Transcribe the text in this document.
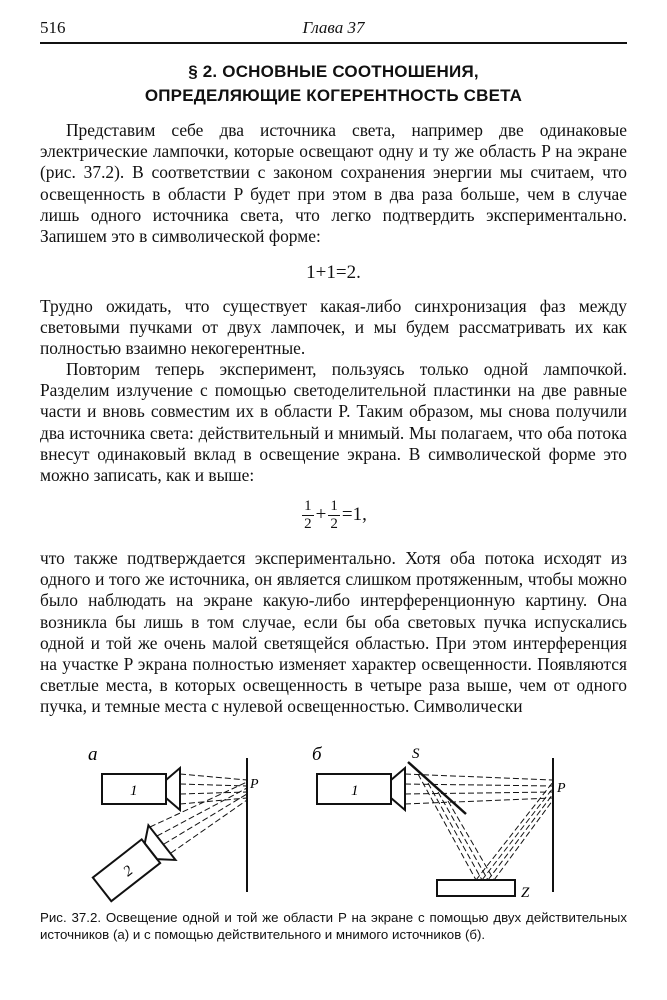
516	Глава 37
§ 2. ОСНОВНЫЕ СООТНОШЕНИЯ,
ОПРЕДЕЛЯЮЩИЕ КОГЕРЕНТНОСТЬ СВЕТА

Представим себе два источника света, например две одинаковые электрические лампочки, которые освещают одну и ту же область P на экране (рис. 37.2). В соответствии с законом сохранения энергии мы считаем, что освещенность в области P будет при этом в два раза больше, чем в случае лишь одного источника света, что легко подтвердить экспериментально. Запишем это в символической форме:

1+1=2.

Трудно ожидать, что существует какая-либо синхронизация фаз между световыми пучками от двух лампочек, и мы будем рассматривать их как полностью взаимно некогерентные.

Повторим теперь эксперимент, пользуясь только одной лампочкой. Разделим излучение с помощью светоделительной пластинки на две равные части и вновь совместим их в области P. Таким образом, мы снова получили два источника света: действительный и мнимый. Мы полагаем, что оба потока внесут одинаковый вклад в освещение экрана. В символической форме это можно записать, как и выше:

$\frac{1}{2} + \frac{1}{2} =1$,

что также подтверждается экспериментально. Хотя оба потока исходят из одного и того же источника, он является слишком протяженным, чтобы можно было наблюдать на экране какую-либо интерференционную картину. Она возникла бы лишь в том случае, если бы оба световых пучка испускались одной и той же очень малой светящейся областью. При этом интерференция на участке P экрана полностью изменяет характер освещенности. Появляются светлые места, в которых освещенность в четыре раза выше, чем от одного пучка, и темные места с нулевой освещенностью. Символически

а
1
2
P
б
1
S
Z
P
Рис. 37.2. Освещение одной и той же области P на экране с помощью двух действительных источников (а) и с помощью действительного и мнимого источников (б).
